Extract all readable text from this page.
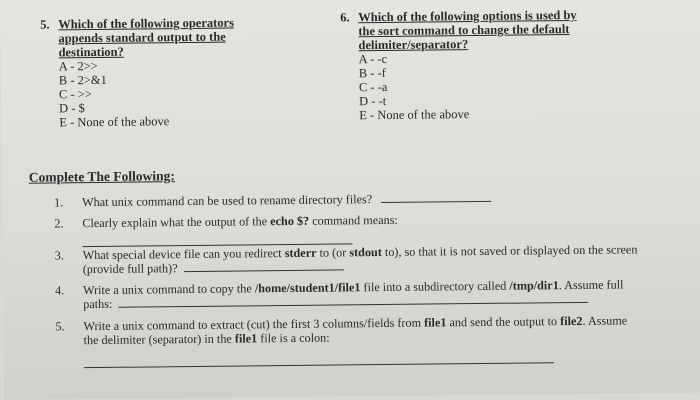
5. Which of the following operators
appends standard output to the
destination?
A - 2>>
B - 2>&1
C - >>
D - $
E - None of the above
6. Which of the following options is used by
the sort command to change the default
delimiter/separator?
A - -c
B - -f
C - -a
D - -t
E - None of the above
Complete The Following:
1.	What unix command can be used to rename directory files?
2.	Clearly explain what the output of the echo $? command means:
3.	What special device file can you redirect stderr to (or stdout to), so that it is not saved or displayed on the screen
(provide full path)?
4.	Write a unix command to copy the /home/student1/file1 file into a subdirectory called /tmp/dir1. Assume full
paths:
5.	Write a unix command to extract (cut) the first 3 columns/fields from file1 and send the output to file2. Assume
the delimiter (separator) in the file1 file is a colon:
